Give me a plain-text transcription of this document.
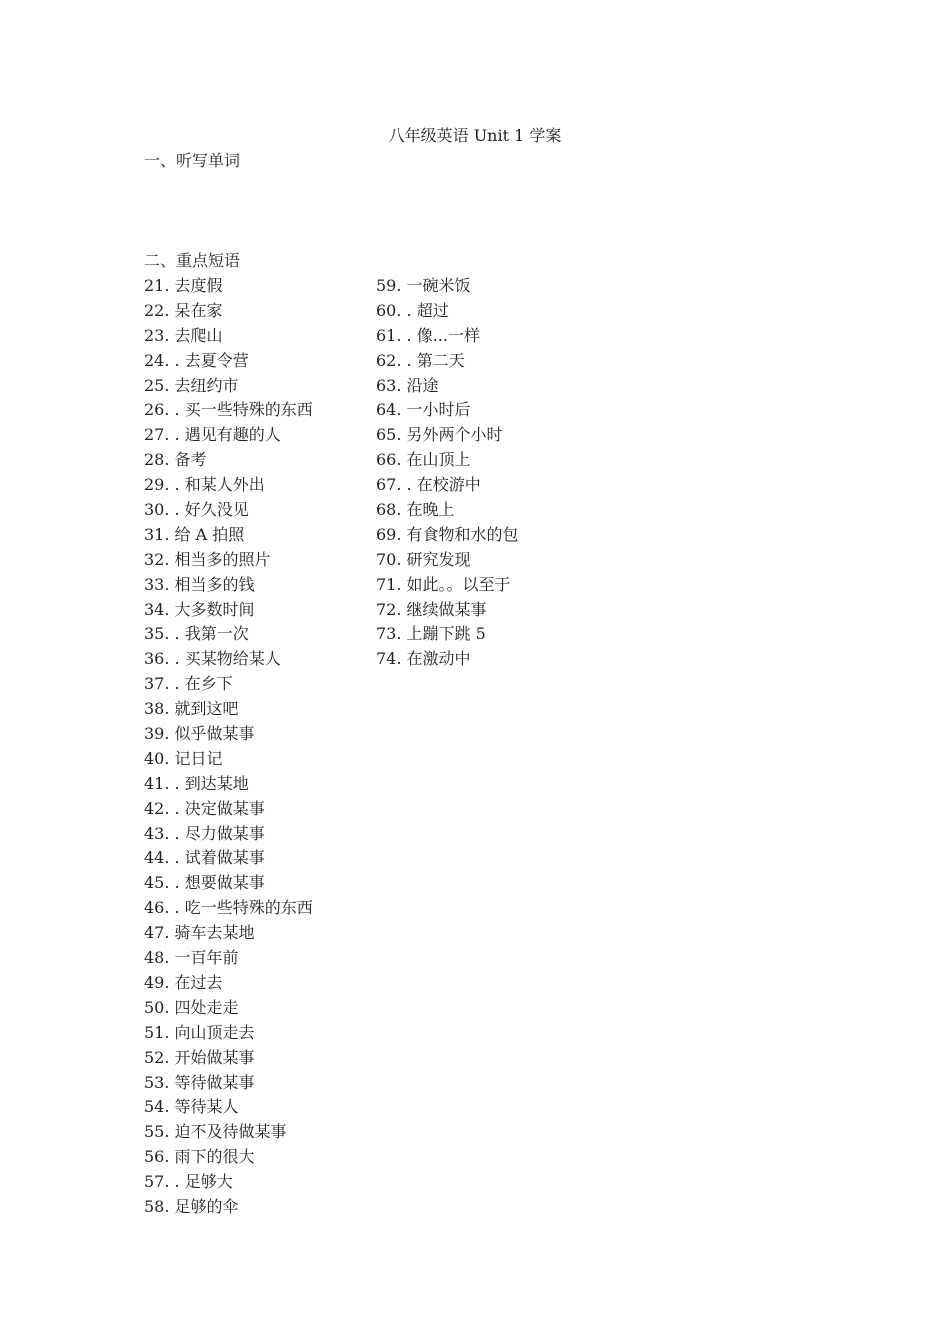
八年级英语 Unit 1 学案
一、听写单词
二、重点短语
21. 去度假
22. 呆在家
23. 去爬山
24. . 去夏令营
25. 去纽约市
26. . 买一些特殊的东西
27. . 遇见有趣的人
28. 备考
29. . 和某人外出
30. . 好久没见
31. 给 A 拍照
32. 相当多的照片
33. 相当多的钱
34. 大多数时间
35. . 我第一次
36. . 买某物给某人
37. . 在乡下
38. 就到这吧
39. 似乎做某事
40. 记日记
41. . 到达某地
42. . 决定做某事
43. . 尽力做某事
44. . 试着做某事
45. . 想要做某事
46. . 吃一些特殊的东西
47. 骑车去某地
48. 一百年前
49. 在过去
50. 四处走走
51. 向山顶走去
52. 开始做某事
53. 等待做某事
54. 等待某人
55. 迫不及待做某事
56. 雨下的很大
57. . 足够大
58. 足够的伞
59. 一碗米饭
60. . 超过
61. . 像...一样
62. . 第二天
63. 沿途
64. 一小时后
65. 另外两个小时
66. 在山顶上
67. . 在校游中
68. 在晚上
69. 有食物和水的包
70. 研究发现
71. 如此。。以至于
72. 继续做某事
73. 上蹦下跳 5
74. 在激动中
